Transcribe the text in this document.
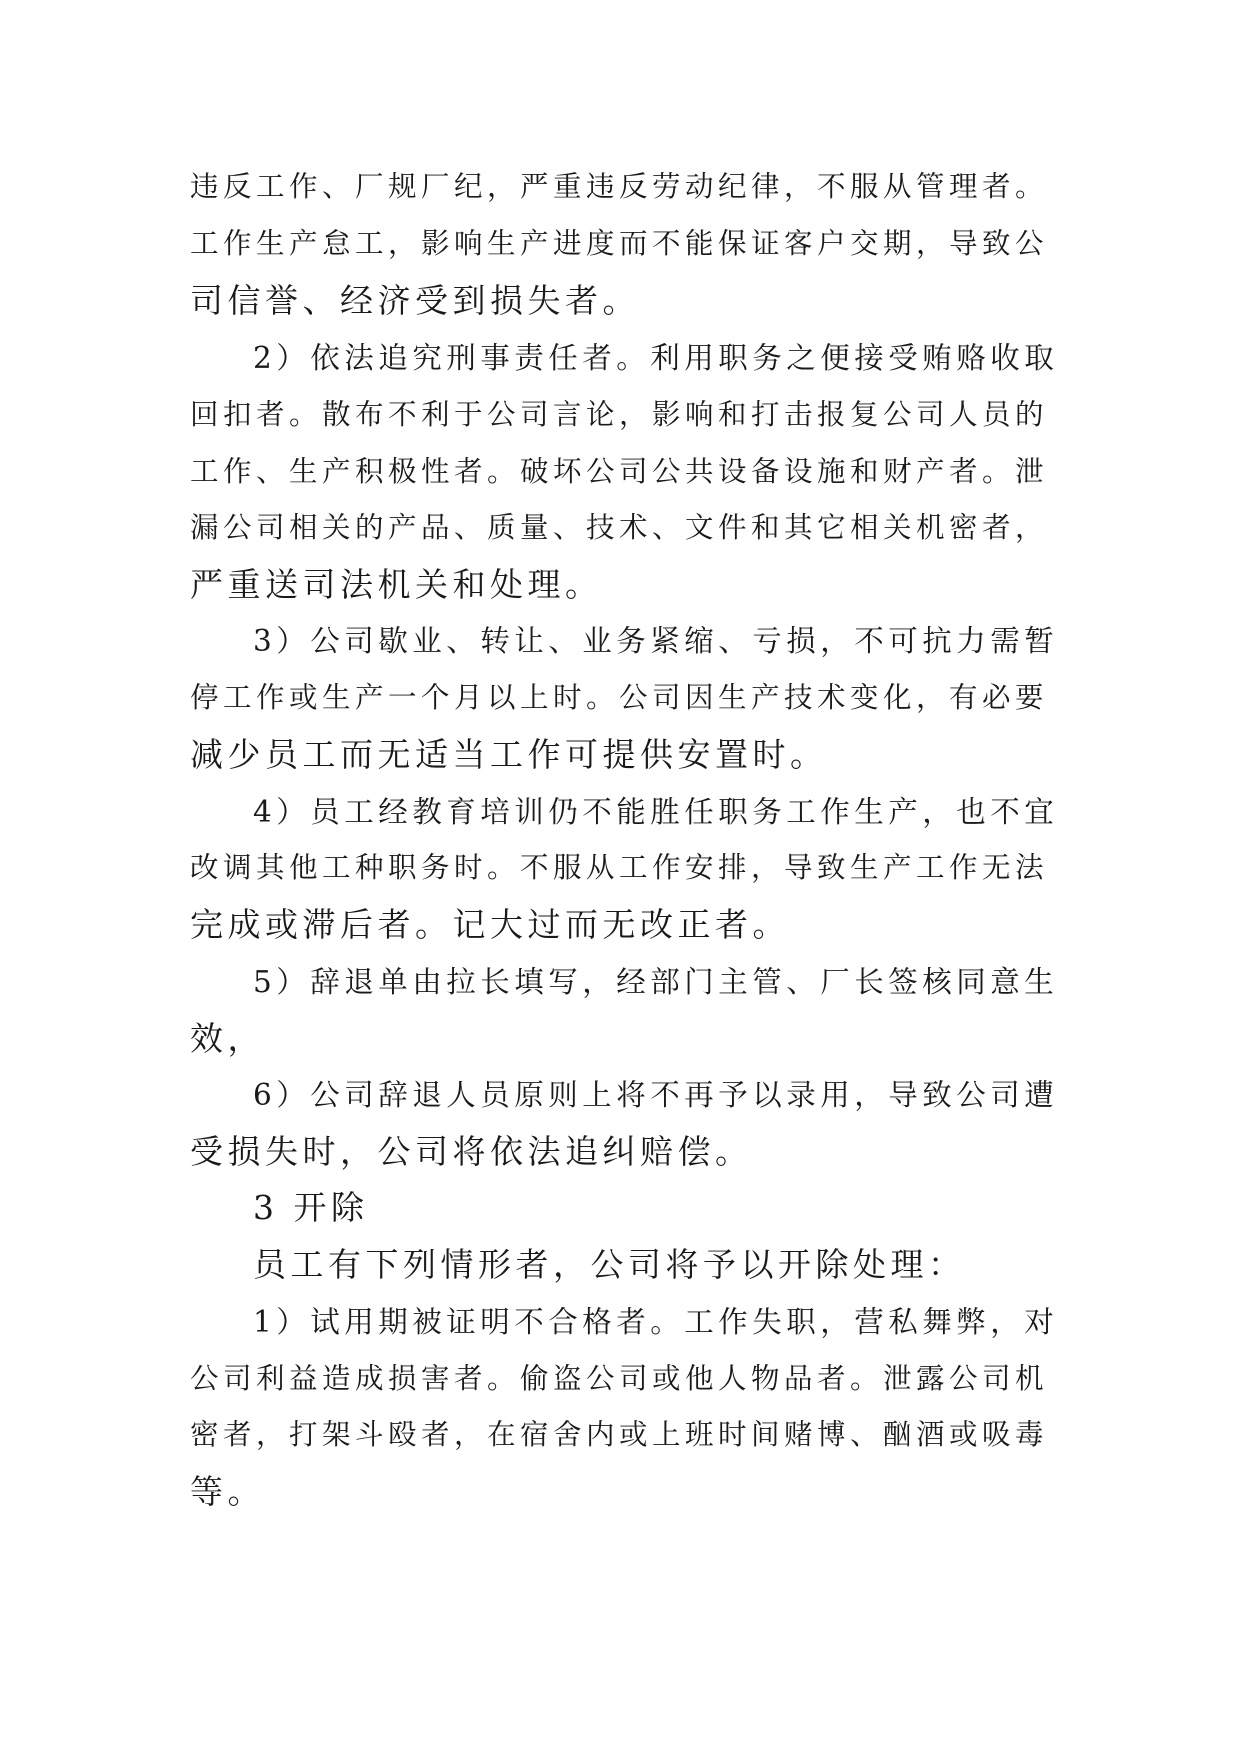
违反工作、厂规厂纪，严重违反劳动纪律，不服从管理者。
工作生产怠工，影响生产进度而不能保证客户交期，导致公
司信誉、经济受到损失者。
2）依法追究刑事责任者。利用职务之便接受贿赂收取
回扣者。散布不利于公司言论，影响和打击报复公司人员的
工作、生产积极性者。破坏公司公共设备设施和财产者。泄
漏公司相关的产品、质量、技术、文件和其它相关机密者，
严重送司法机关和处理。
3）公司歇业、转让、业务紧缩、亏损，不可抗力需暂
停工作或生产一个月以上时。公司因生产技术变化，有必要
减少员工而无适当工作可提供安置时。
4）员工经教育培训仍不能胜任职务工作生产，也不宜
改调其他工种职务时。不服从工作安排，导致生产工作无法
完成或滞后者。记大过而无改正者。
5）辞退单由拉长填写，经部门主管、厂长签核同意生
效，
6）公司辞退人员原则上将不再予以录用，导致公司遭
受损失时，公司将依法追纠赔偿。
3 开除
员工有下列情形者，公司将予以开除处理：
1）试用期被证明不合格者。工作失职，营私舞弊，对
公司利益造成损害者。偷盗公司或他人物品者。泄露公司机
密者，打架斗殴者，在宿舍内或上班时间赌博、酗酒或吸毒
等。
